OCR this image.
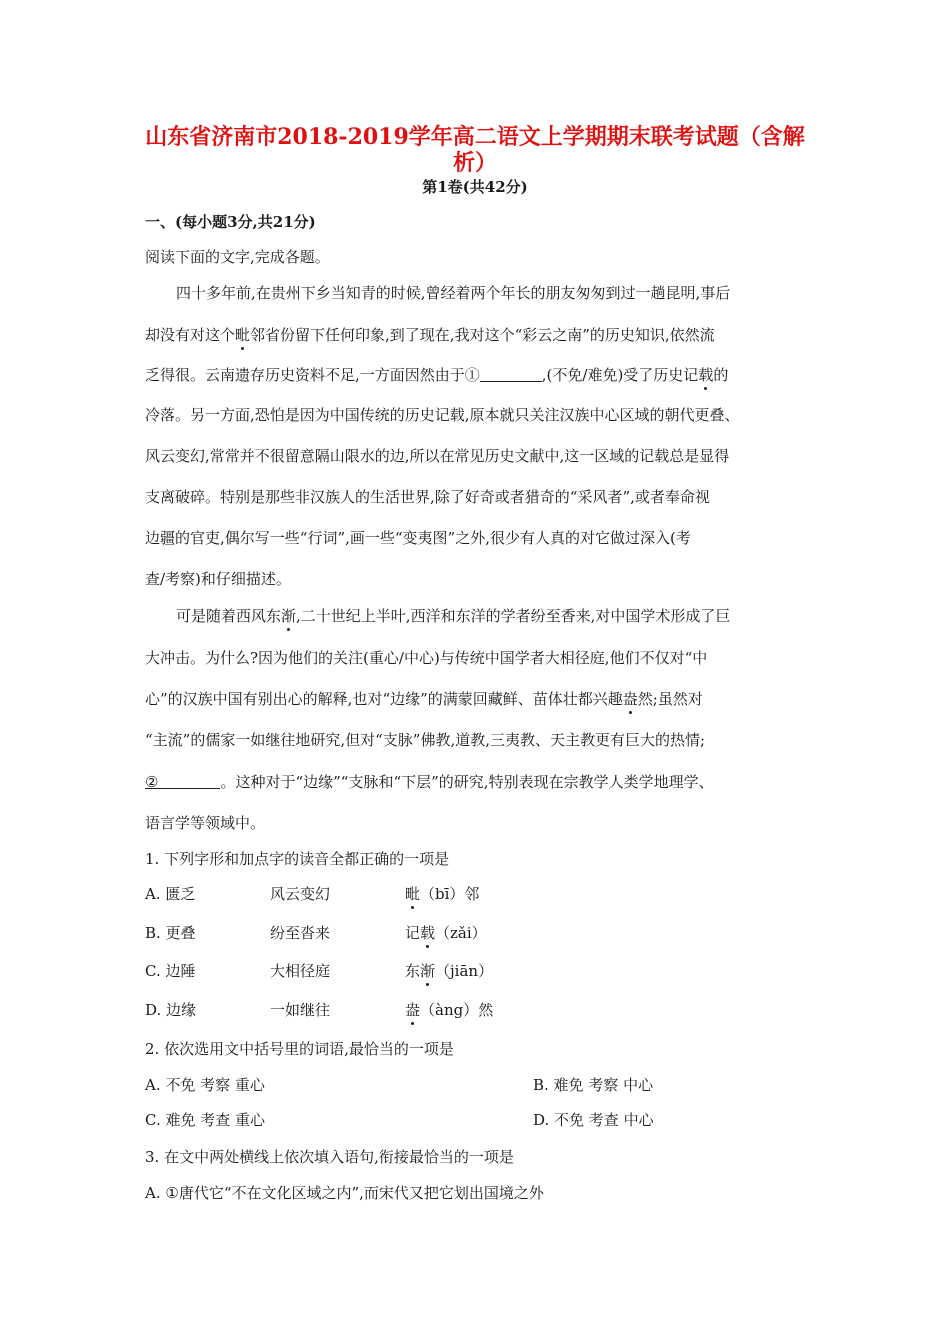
山东省济南市2018-2019学年高二语文上学期期末联考试题（含解
析）
第1卷(共42分)
一、(每小题3分,共21分)
阅读下面的文字,完成各题。
四十多年前,在贵州下乡当知青的时候,曾经着两个年长的朋友匆匆到过一趟昆明,事后
却没有对这个毗邻省份留下任何印象,到了现在,我对这个“彩云之南”的历史知识,依然流
乏得很。云南遗存历史资料不足,一方面因然由于①	,(不免/难免)受了历史记载的
冷落。另一方面,恐怕是因为中国传统的历史记载,原本就只关注汉族中心区域的朝代更叠、
风云变幻,常常并不很留意隔山限水的边,所以在常见历史文献中,这一区域的记载总是显得
支离破碎。特别是那些非汉族人的生活世界,除了好奇或者猎奇的“采风者”,或者奉命视
边疆的官吏,偶尔写一些“行词”,画一些“变夷图”之外,很少有人真的对它做过深入(考
查/考察)和仔细描述。
可是随着西风东渐,二十世纪上半叶,西洋和东洋的学者纷至香来,对中国学术形成了巨
大冲击。为什么?因为他们的关注(重心/中心)与传统中国学者大相径庭,他们不仅对“中
心”的汉族中国有别出心的解释,也对“边缘”的满蒙回藏鲜、苗体壮都兴趣盎然;虽然对
“主流”的儒家一如继往地研究,但对“支脉”佛教,道教,三夷教、天主教更有巨大的热情;
②	。这种对于“边缘”“支脉和“下层”的研究,特别表现在宗教学人类学地理学、
语言学等领域中。
1. 下列字形和加点字的读音全都正确的一项是
A. 匮乏	风云变幻	毗（bī）邻
B. 更叠	纷至沓来	记载（zǎi）
C. 边陲	大相径庭	东渐（jiān）
D. 边缘	一如继往	盎（àng）然
2. 依次选用文中括号里的词语,最恰当的一项是
A. 不免 考察 重心	B. 难免 考察 中心
C. 难免 考查 重心	D. 不免 考查 中心
3. 在文中两处横线上依次填入语句,衔接最恰当的一项是
A. ①唐代它“不在文化区域之内”,而宋代又把它划出国境之外
